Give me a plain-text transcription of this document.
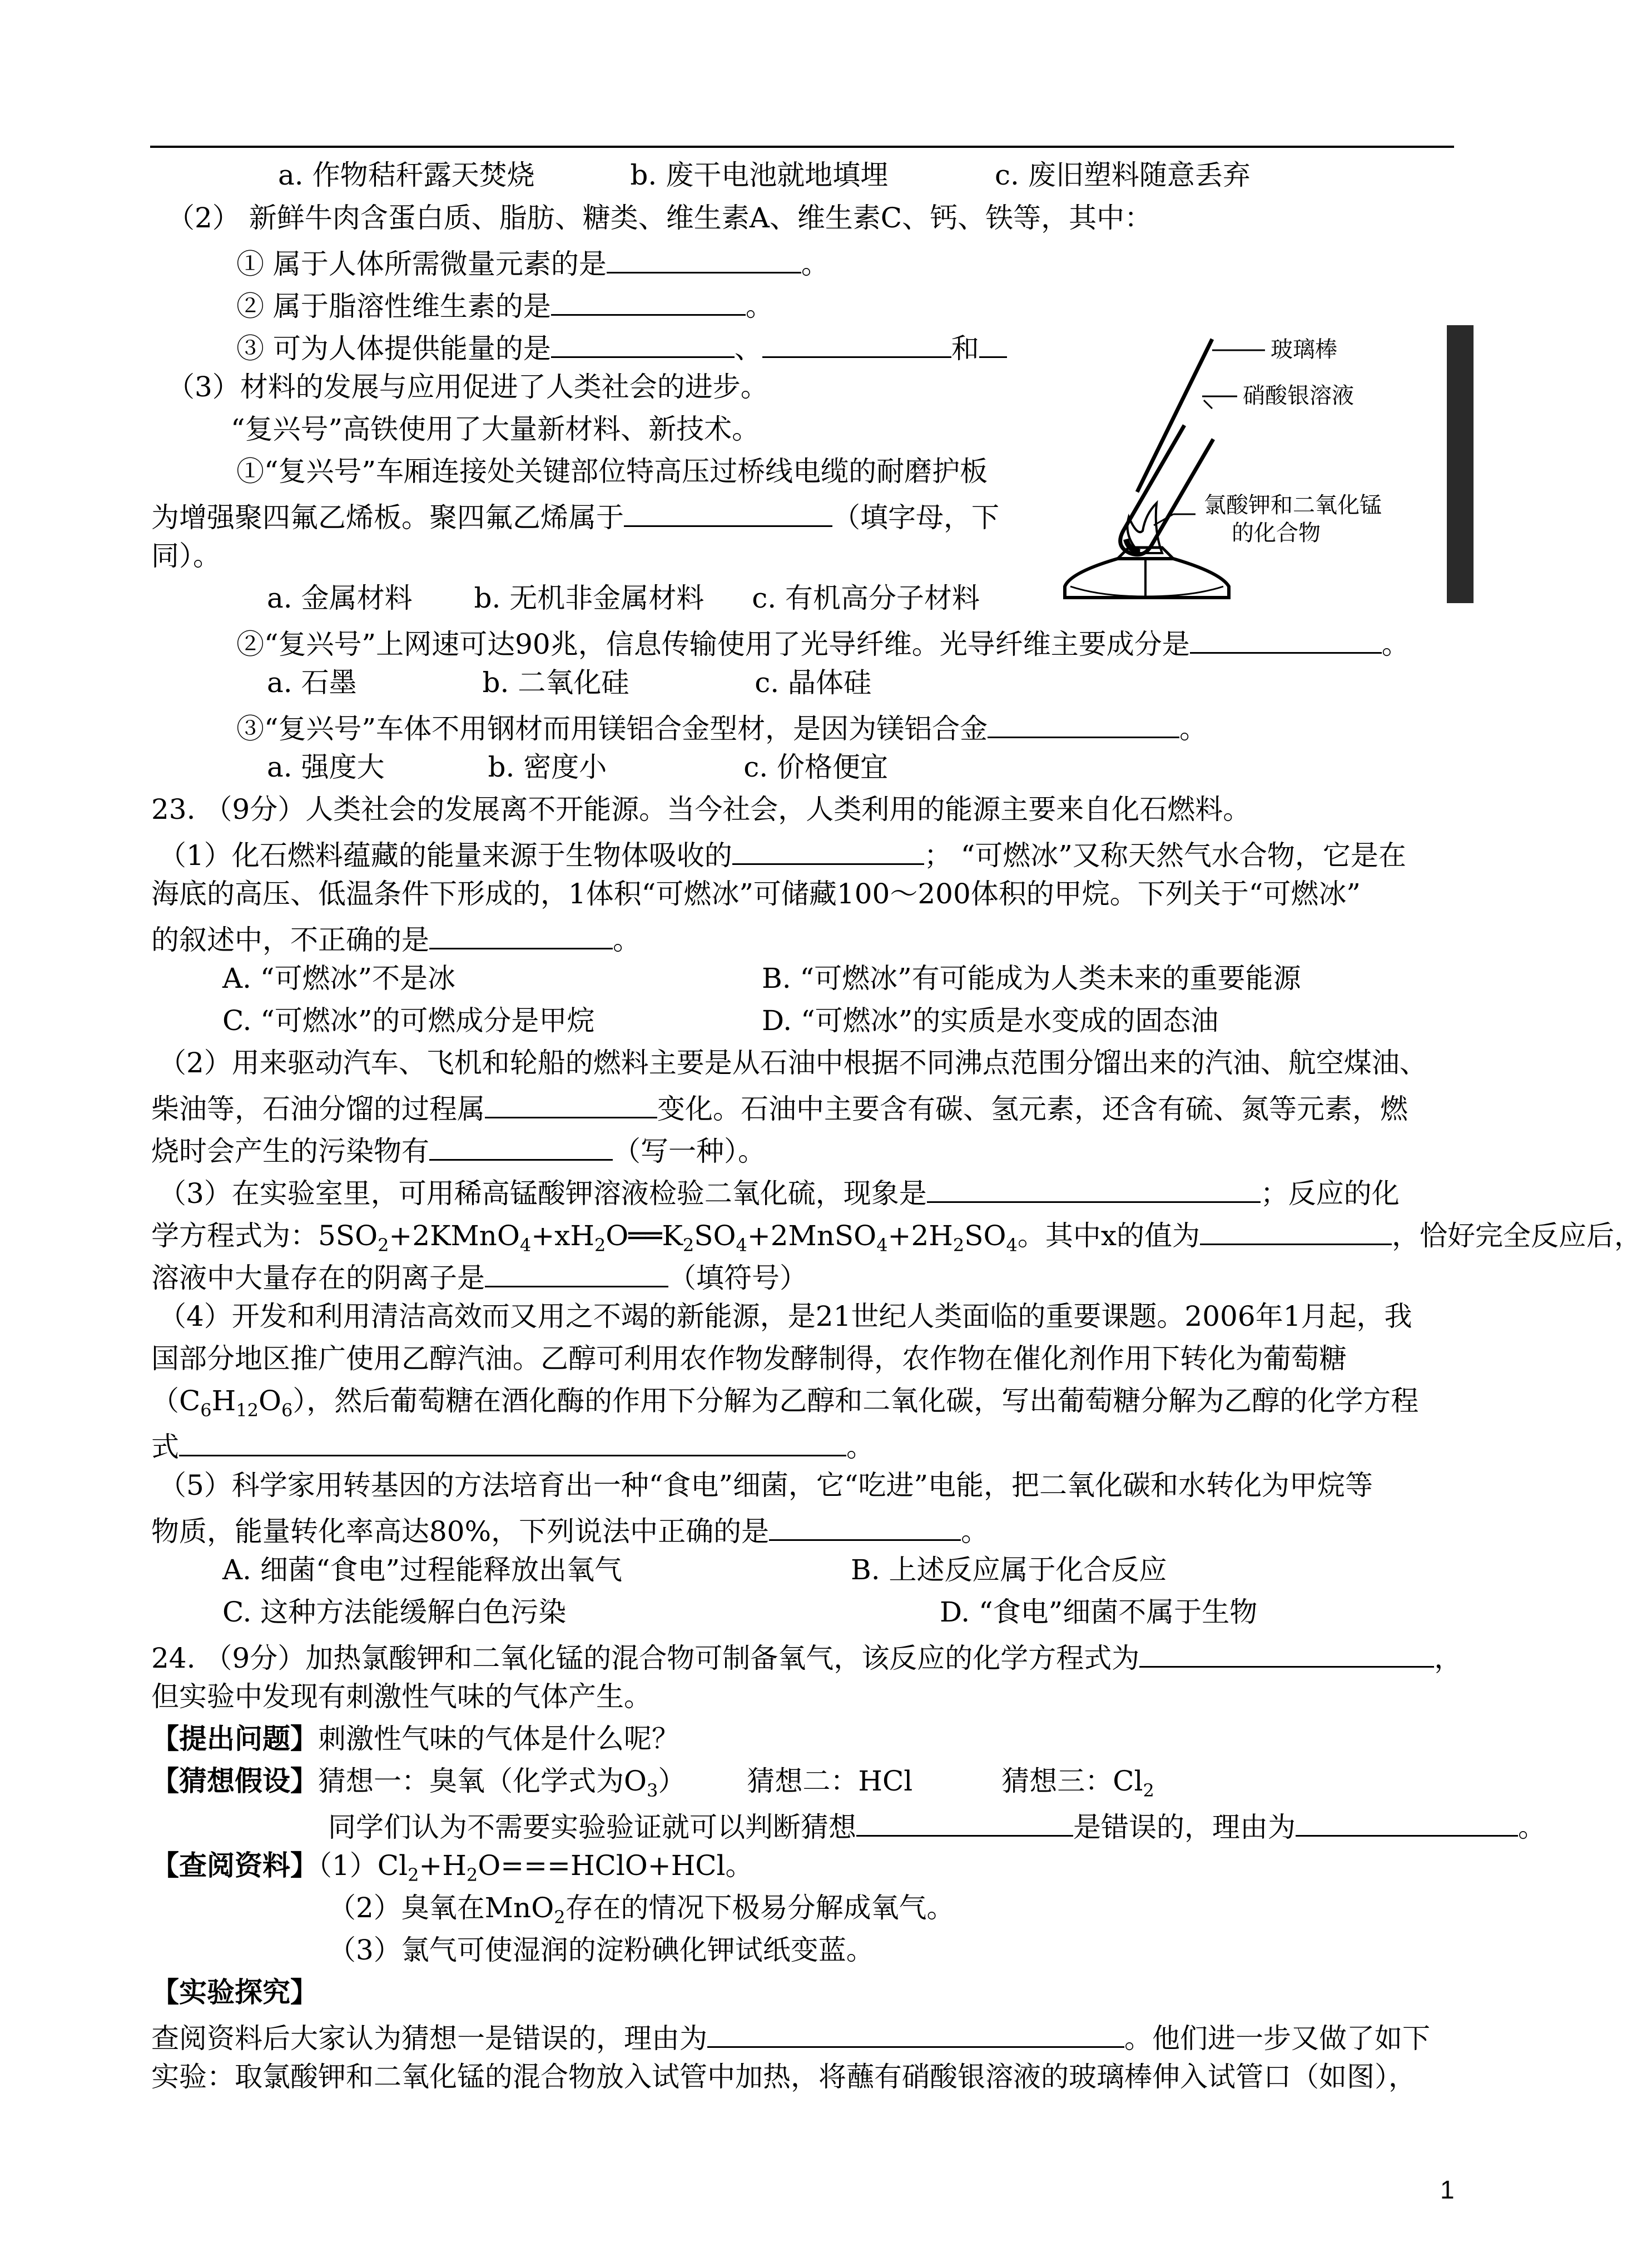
a. 作物秸秆露天焚烧	b. 废干电池就地填埋	c. 废旧塑料随意丢弃
（2） 新鲜牛肉含蛋白质、脂肪、糖类、维生素A、维生素C、钙、铁等，其中：
① 属于人体所需微量元素的是	。
② 属于脂溶性维生素的是	。
③ 可为人体提供能量的是	、	和
（3）材料的发展与应用促进了人类社会的进步。
“复兴号”高铁使用了大量新材料、新技术。
①“复兴号”车厢连接处关键部位特高压过桥线电缆的耐磨护板
为增强聚四氟乙烯板。聚四氟乙烯属于	（填字母，下
同）。
a. 金属材料 b. 无机非金属材料 c. 有机高分子材料
②“复兴号”上网速可达90兆，信息传输使用了光导纤维。光导纤维主要成分是	。
a. 石墨	b. 二氧化硅	c. 晶体硅
③“复兴号”车体不用钢材而用镁铝合金型材，是因为镁铝合金	。
a. 强度大	b. 密度小	c. 价格便宜
23. （9分）人类社会的发展离不开能源。当今社会，人类利用的能源主要来自化石燃料。
（1）化石燃料蕴藏的能量来源于生物体吸收的	； “可燃冰”又称天然气水合物，它是在
海底的高压、低温条件下形成的，1体积“可燃冰”可储藏100～200体积的甲烷。下列关于“可燃冰”
的叙述中，不正确的是	。
A. “可燃冰”不是冰	B. “可燃冰”有可能成为人类未来的重要能源
C. “可燃冰”的可燃成分是甲烷	D. “可燃冰”的实质是水变成的固态油
（2）用来驱动汽车、飞机和轮船的燃料主要是从石油中根据不同沸点范围分馏出来的汽油、航空煤油、
柴油等，石油分馏的过程属	变化。石油中主要含有碳、氢元素，还含有硫、氮等元素，燃
烧时会产生的污染物有	（写一种）。
（3）在实验室里，可用稀高锰酸钾溶液检验二氧化硫，现象是	；反应的化
学方程式为：$5SO_2+2KMnO_4+xH_2O══K_2SO_4+2MnSO_4+2H_2SO_4$。其中x的值为	，恰好完全反应后，
溶液中大量存在的阴离子是	（填符号）
（4）开发和利用清洁高效而又用之不竭的新能源，是21世纪人类面临的重要课题。2006年1月起，我
国部分地区推广使用乙醇汽油。乙醇可利用农作物发酵制得，农作物在催化剂作用下转化为葡萄糖
$(C_6H_{12}O_6)$，然后葡萄糖在酒化酶的作用下分解为乙醇和二氧化碳，写出葡萄糖分解为乙醇的化学方程
式	。
（5）科学家用转基因的方法培育出一种“食电”细菌，它“吃进”电能，把二氧化碳和水转化为甲烷等
物质，能量转化率高达80%，下列说法中正确的是	。
A. 细菌“食电”过程能释放出氧气	B. 上述反应属于化合反应
C. 这种方法能缓解白色污染	D. “食电”细菌不属于生物
24. （9分）加热氯酸钾和二氧化锰的混合物可制备氧气，该反应的化学方程式为	，
但实验中发现有刺激性气味的气体产生。
【提出问题】刺激性气味的气体是什么呢？
【猜想假设】猜想一：臭氧（化学式为$O_3$） 猜想二：HCl	猜想三：$Cl_2$
同学们认为不需要实验验证就可以判断猜想	是错误的，理由为	。
【查阅资料】$(1)Cl_2+H_2O===HClO+HCl$。
（2）臭氧在MnO$_2$存在的情况下极易分解成氧气。
（3）氯气可使湿润的淀粉碘化钾试纸变蓝。
【实验探究】
查阅资料后大家认为猜想一是错误的，理由为	。他们进一步又做了如下
实验：取氯酸钾和二氧化锰的混合物放入试管中加热，将蘸有硝酸银溶液的玻璃棒伸入试管口（如图），
玻璃棒
硝酸银溶液
氯酸钾和二氧化锰
的化合物
1
